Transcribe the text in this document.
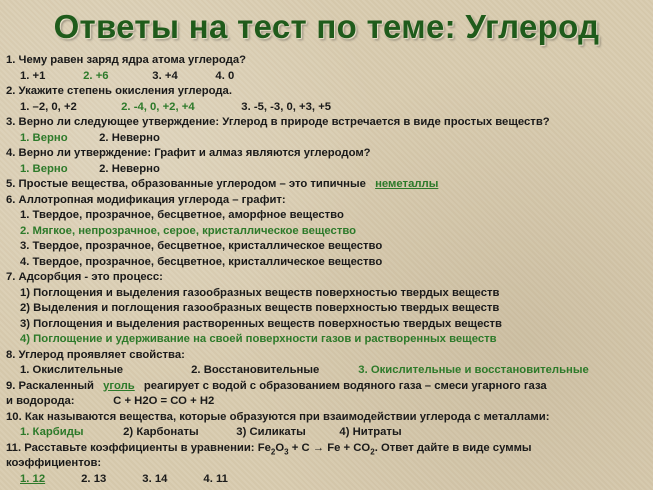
Ответы на тест по теме: Углерод
1. Чему равен заряд ядра атома углерода?
1. +1	2. +6	3. +4	4. 0
2. Укажите степень окисления углерода.
1. –2, 0, +2	2. -4, 0, +2, +4	3. -5, -3, 0, +3, +5
3. Верно ли следующее утверждение: Углерод в природе встречается в виде простых веществ?
1. Верно	2. Неверно
4. Верно ли утверждение: Графит и алмаз являются углеродом?
1. Верно	2. Неверно
5. Простые вещества, образованные углеродом – это типичные неметаллы
6. Аллотропная модификация углерода – графит:
1. Твердое, прозрачное, бесцветное, аморфное вещество
2. Мягкое, непрозрачное, серое, кристаллическое вещество
3. Твердое, прозрачное, бесцветное, кристаллическое вещество
4. Твердое, прозрачное, бесцветное, кристаллическое вещество
7. Адсорбция - это процесс:
1) Поглощения и выделения газообразных веществ поверхностью твердых веществ
2) Выделения и поглощения газообразных веществ поверхностью твердых веществ
3) Поглощения и выделения растворенных веществ поверхностью твердых веществ
4) Поглощение и удерживание на своей поверхности газов и растворенных веществ
8. Углерод проявляет свойства:
1. Окислительные	2. Восстановительные	3. Окислительные и восстановительные
9. Раскаленный уголь реагирует с водой с образованием водяного газа – смеси угарного газа
и водорода:	С + Н2О = СО + Н2
10. Как называются вещества, которые образуются при взаимодействии углерода с металлами:
1. Карбиды	2) Карбонаты	3) Силикаты	4) Нитраты
11. Расставьте коэффициенты в уравнении: $Fe_2O_3 + C \to Fe + CO_2$. Ответ дайте в виде суммы
коэффициентов:
1. 12	2. 13	3. 14	4. 11
